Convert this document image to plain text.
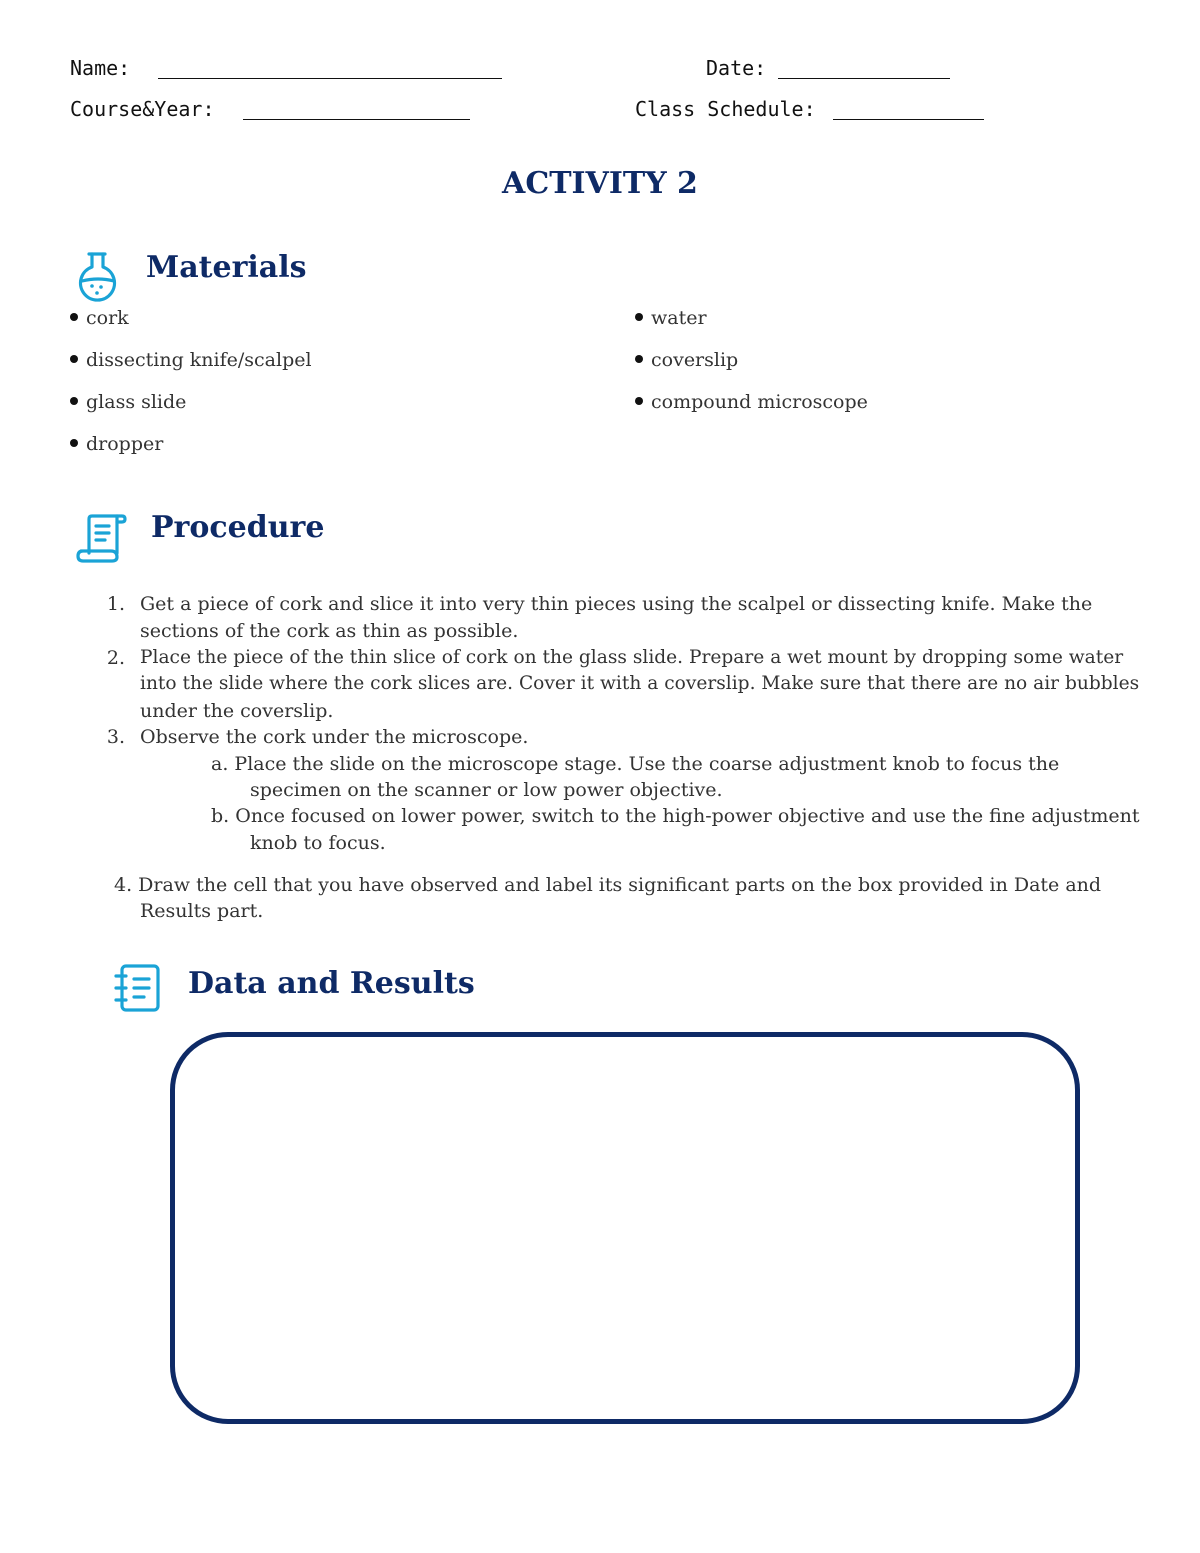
Name:	Date:
Course&Year:	Class Schedule:
ACTIVITY 2
Materials
cork
dissecting knife/scalpel
glass slide
dropper
water
coverslip
compound microscope
Procedure
1. Get a piece of cork and slice it into very thin pieces using the scalpel or dissecting knife. Make the
sections of the cork as thin as possible.
2. Place the piece of the thin slice of cork on the glass slide. Prepare a wet mount by dropping some water
into the slide where the cork slices are. Cover it with a coverslip. Make sure that there are no air bubbles
under the coverslip.
3. Observe the cork under the microscope.
a. Place the slide on the microscope stage. Use the coarse adjustment knob to focus the
specimen on the scanner or low power objective.
b. Once focused on lower power, switch to the high-power objective and use the fine adjustment
knob to focus.
4. Draw the cell that you have observed and label its significant parts on the box provided in Date and
Results part.
Data and Results
